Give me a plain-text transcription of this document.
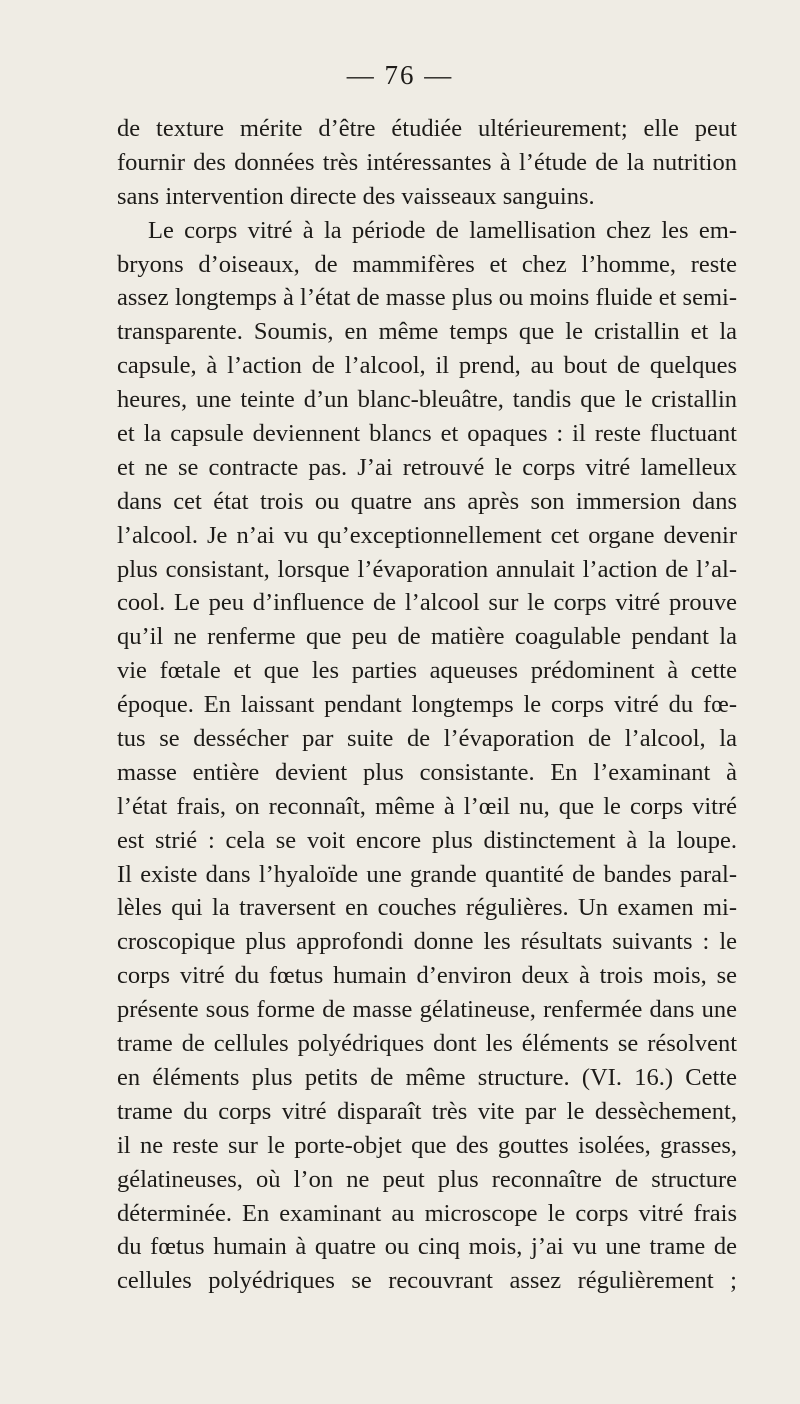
— 76 —
de texture mérite d’être étudiée ultérieurement; elle peut
fournir des données très intéressantes à l’étude de la nutrition
sans intervention directe des vaisseaux sanguins.
Le corps vitré à la période de lamellisation chez les em-
bryons d’oiseaux, de mammifères et chez l’homme, reste
assez longtemps à l’état de masse plus ou moins fluide et semi-
transparente. Soumis, en même temps que le cristallin et la
capsule, à l’action de l’alcool, il prend, au bout de quelques
heures, une teinte d’un blanc-bleuâtre, tandis que le cristallin
et la capsule deviennent blancs et opaques : il reste fluctuant
et ne se contracte pas. J’ai retrouvé le corps vitré lamelleux
dans cet état trois ou quatre ans après son immersion dans
l’alcool. Je n’ai vu qu’exceptionnellement cet organe devenir
plus consistant, lorsque l’évaporation annulait l’action de l’al-
cool. Le peu d’influence de l’alcool sur le corps vitré prouve
qu’il ne renferme que peu de matière coagulable pendant la
vie fœtale et que les parties aqueuses prédominent à cette
époque. En laissant pendant longtemps le corps vitré du fœ-
tus se dessécher par suite de l’évaporation de l’alcool, la
masse entière devient plus consistante. En l’examinant à
l’état frais, on reconnaît, même à l’œil nu, que le corps vitré
est strié : cela se voit encore plus distinctement à la loupe.
Il existe dans l’hyaloïde une grande quantité de bandes paral-
lèles qui la traversent en couches régulières. Un examen mi-
croscopique plus approfondi donne les résultats suivants : le
corps vitré du fœtus humain d’environ deux à trois mois, se
présente sous forme de masse gélatineuse, renfermée dans une
trame de cellules polyédriques dont les éléments se résolvent
en éléments plus petits de même structure. (VI. 16.) Cette
trame du corps vitré disparaît très vite par le dessèchement,
il ne reste sur le porte-objet que des gouttes isolées, grasses,
gélatineuses, où l’on ne peut plus reconnaître de structure
déterminée. En examinant au microscope le corps vitré frais
du fœtus humain à quatre ou cinq mois, j’ai vu une trame de
cellules polyédriques se recouvrant assez régulièrement ;
